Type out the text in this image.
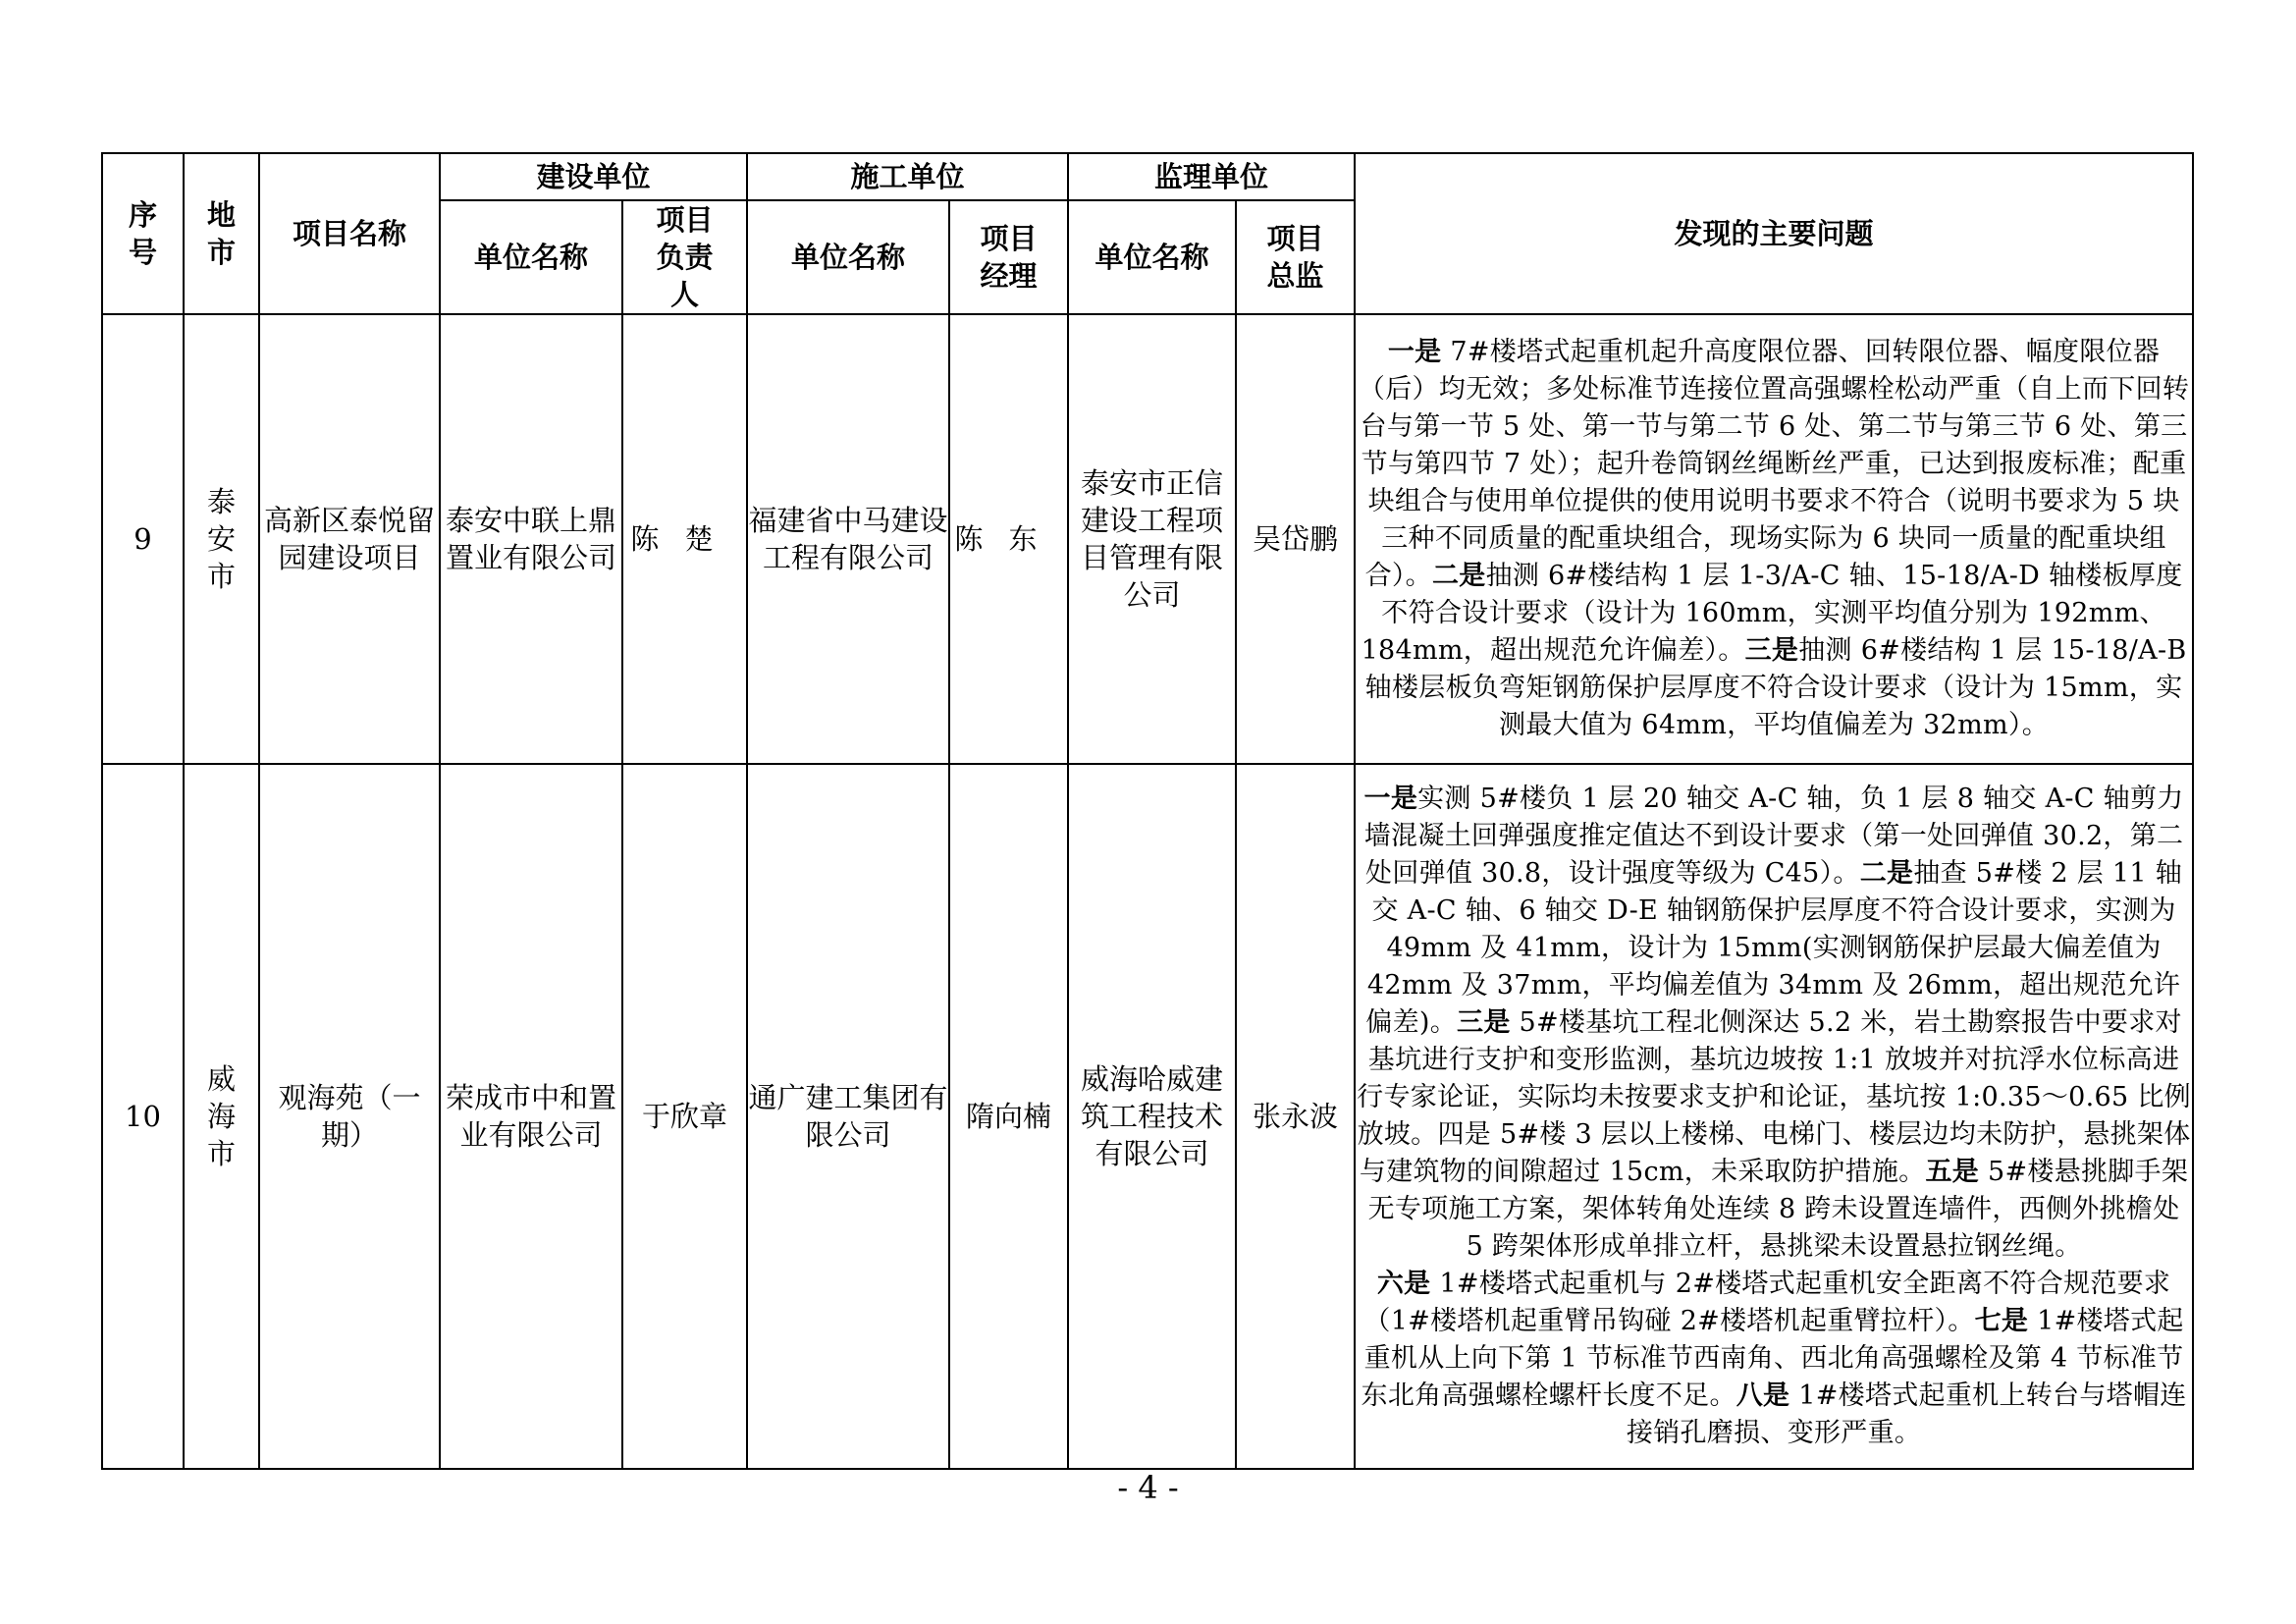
序号	地市	项目名称	建设单位		施工单位		监理单位		发现的主要问题
			单位名称	项目负责人	单位名称	项目经理	单位名称	项目总监	
9	泰安市	高新区泰悦留园建设项目	泰安中联上鼎置业有限公司	陈楚	福建省中马建设工程有限公司	陈东	泰安市正信建设工程项目管理有限公司	吴岱鹏	一是 7#楼塔式起重机起升高度限位器、回转限位器、幅度限位器（后）均无效；多处标准节连接位置高强螺栓松动严重（自上而下回转台与第一节 5 处、第一节与第二节 6 处、第二节与第三节 6 处、第三节与第四节 7 处）；起升卷筒钢丝绳断丝严重，已达到报废标准；配重块组合与使用单位提供的使用说明书要求不符合（说明书要求为 5 块三种不同质量的配重块组合，现场实际为 6 块同一质量的配重块组合）。二是抽测 6#楼结构 1 层 1-3/A-C 轴、15-18/A-D 轴楼板厚度不符合设计要求（设计为 160mm，实测平均值分别为 192mm、184mm，超出规范允许偏差）。三是抽测 6#楼结构 1 层 15-18/A-B 轴楼层板负弯矩钢筋保护层厚度不符合设计要求（设计为 15mm，实测最大值为 64mm，平均值偏差为 32mm）。
10	威海市	观海苑（一期）	荣成市中和置业有限公司	于欣章	通广建工集团有限公司	隋向楠	威海哈威建筑工程技术有限公司	张永波	一是实测 5#楼负 1 层 20 轴交 A-C 轴，负 1 层 8 轴交 A-C 轴剪力墙混凝土回弹强度推定值达不到设计要求（第一处回弹值 30.2，第二处回弹值 30.8，设计强度等级为 C45）。二是抽查 5#楼 2 层 11 轴交 A-C 轴、6 轴交 D-E 轴钢筋保护层厚度不符合设计要求，实测为 49mm 及 41mm，设计为 15mm(实测钢筋保护层最大偏差值为 42mm 及 37mm，平均偏差值为 34mm 及 26mm，超出规范允许偏差)。三是 5#楼基坑工程北侧深达 5.2 米，岩土勘察报告中要求对基坑进行支护和变形监测，基坑边坡按 1:1 放坡并对抗浮水位标高进行专家论证，实际均未按要求支护和论证，基坑按 1:0.35～0.65 比例放坡。四是 5#楼 3 层以上楼梯、电梯门、楼层边均未防护，悬挑架体与建筑物的间隙超过 15cm，未采取防护措施。五是 5#楼悬挑脚手架无专项施工方案，架体转角处连续 8 跨未设置连墙件，西侧外挑檐处 5 跨架体形成单排立杆，悬挑梁未设置悬拉钢丝绳。
六是 1#楼塔式起重机与 2#楼塔式起重机安全距离不符合规范要求（1#楼塔机起重臂吊钩碰 2#楼塔机起重臂拉杆）。七是 1#楼塔式起重机从上向下第 1 节标准节西南角、西北角高强螺栓及第 4 节标准节东北角高强螺栓螺杆长度不足。八是 1#楼塔式起重机上转台与塔帽连接销孔磨损、变形严重。
- 4 -
